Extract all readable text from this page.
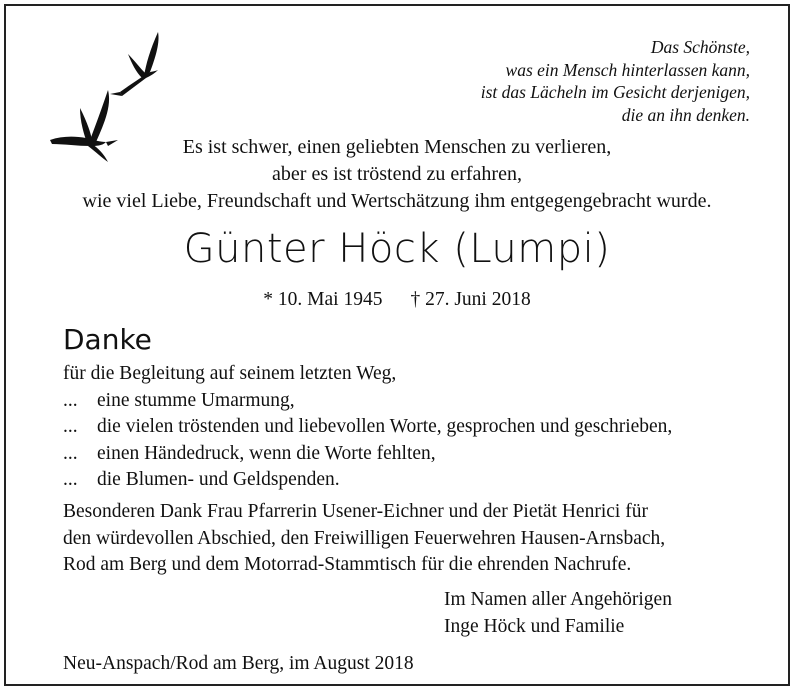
Das Schönste,
was ein Mensch hinterlassen kann,
ist das Lächeln im Gesicht derjenigen,
die an ihn denken.
Es ist schwer, einen geliebten Menschen zu verlieren,
aber es ist tröstend zu erfahren,
wie viel Liebe, Freundschaft und Wertschätzung ihm entgegengebracht wurde.
Günter Höck (Lumpi)
* 10. Mai 1945 † 27. Juni 2018
Danke
für die Begleitung auf seinem letzten Weg,
... eine stumme Umarmung,
... die vielen tröstenden und liebevollen Worte, gesprochen und geschrieben,
... einen Händedruck, wenn die Worte fehlten,
... die Blumen- und Geldspenden.
Besonderen Dank Frau Pfarrerin Usener-Eichner und der Pietät Henrici für
den würdevollen Abschied, den Freiwilligen Feuerwehren Hausen-Arnsbach,
Rod am Berg und dem Motorrad-Stammtisch für die ehrenden Nachrufe.
Im Namen aller Angehörigen
Inge Höck und Familie
Neu-Anspach/Rod am Berg, im August 2018
